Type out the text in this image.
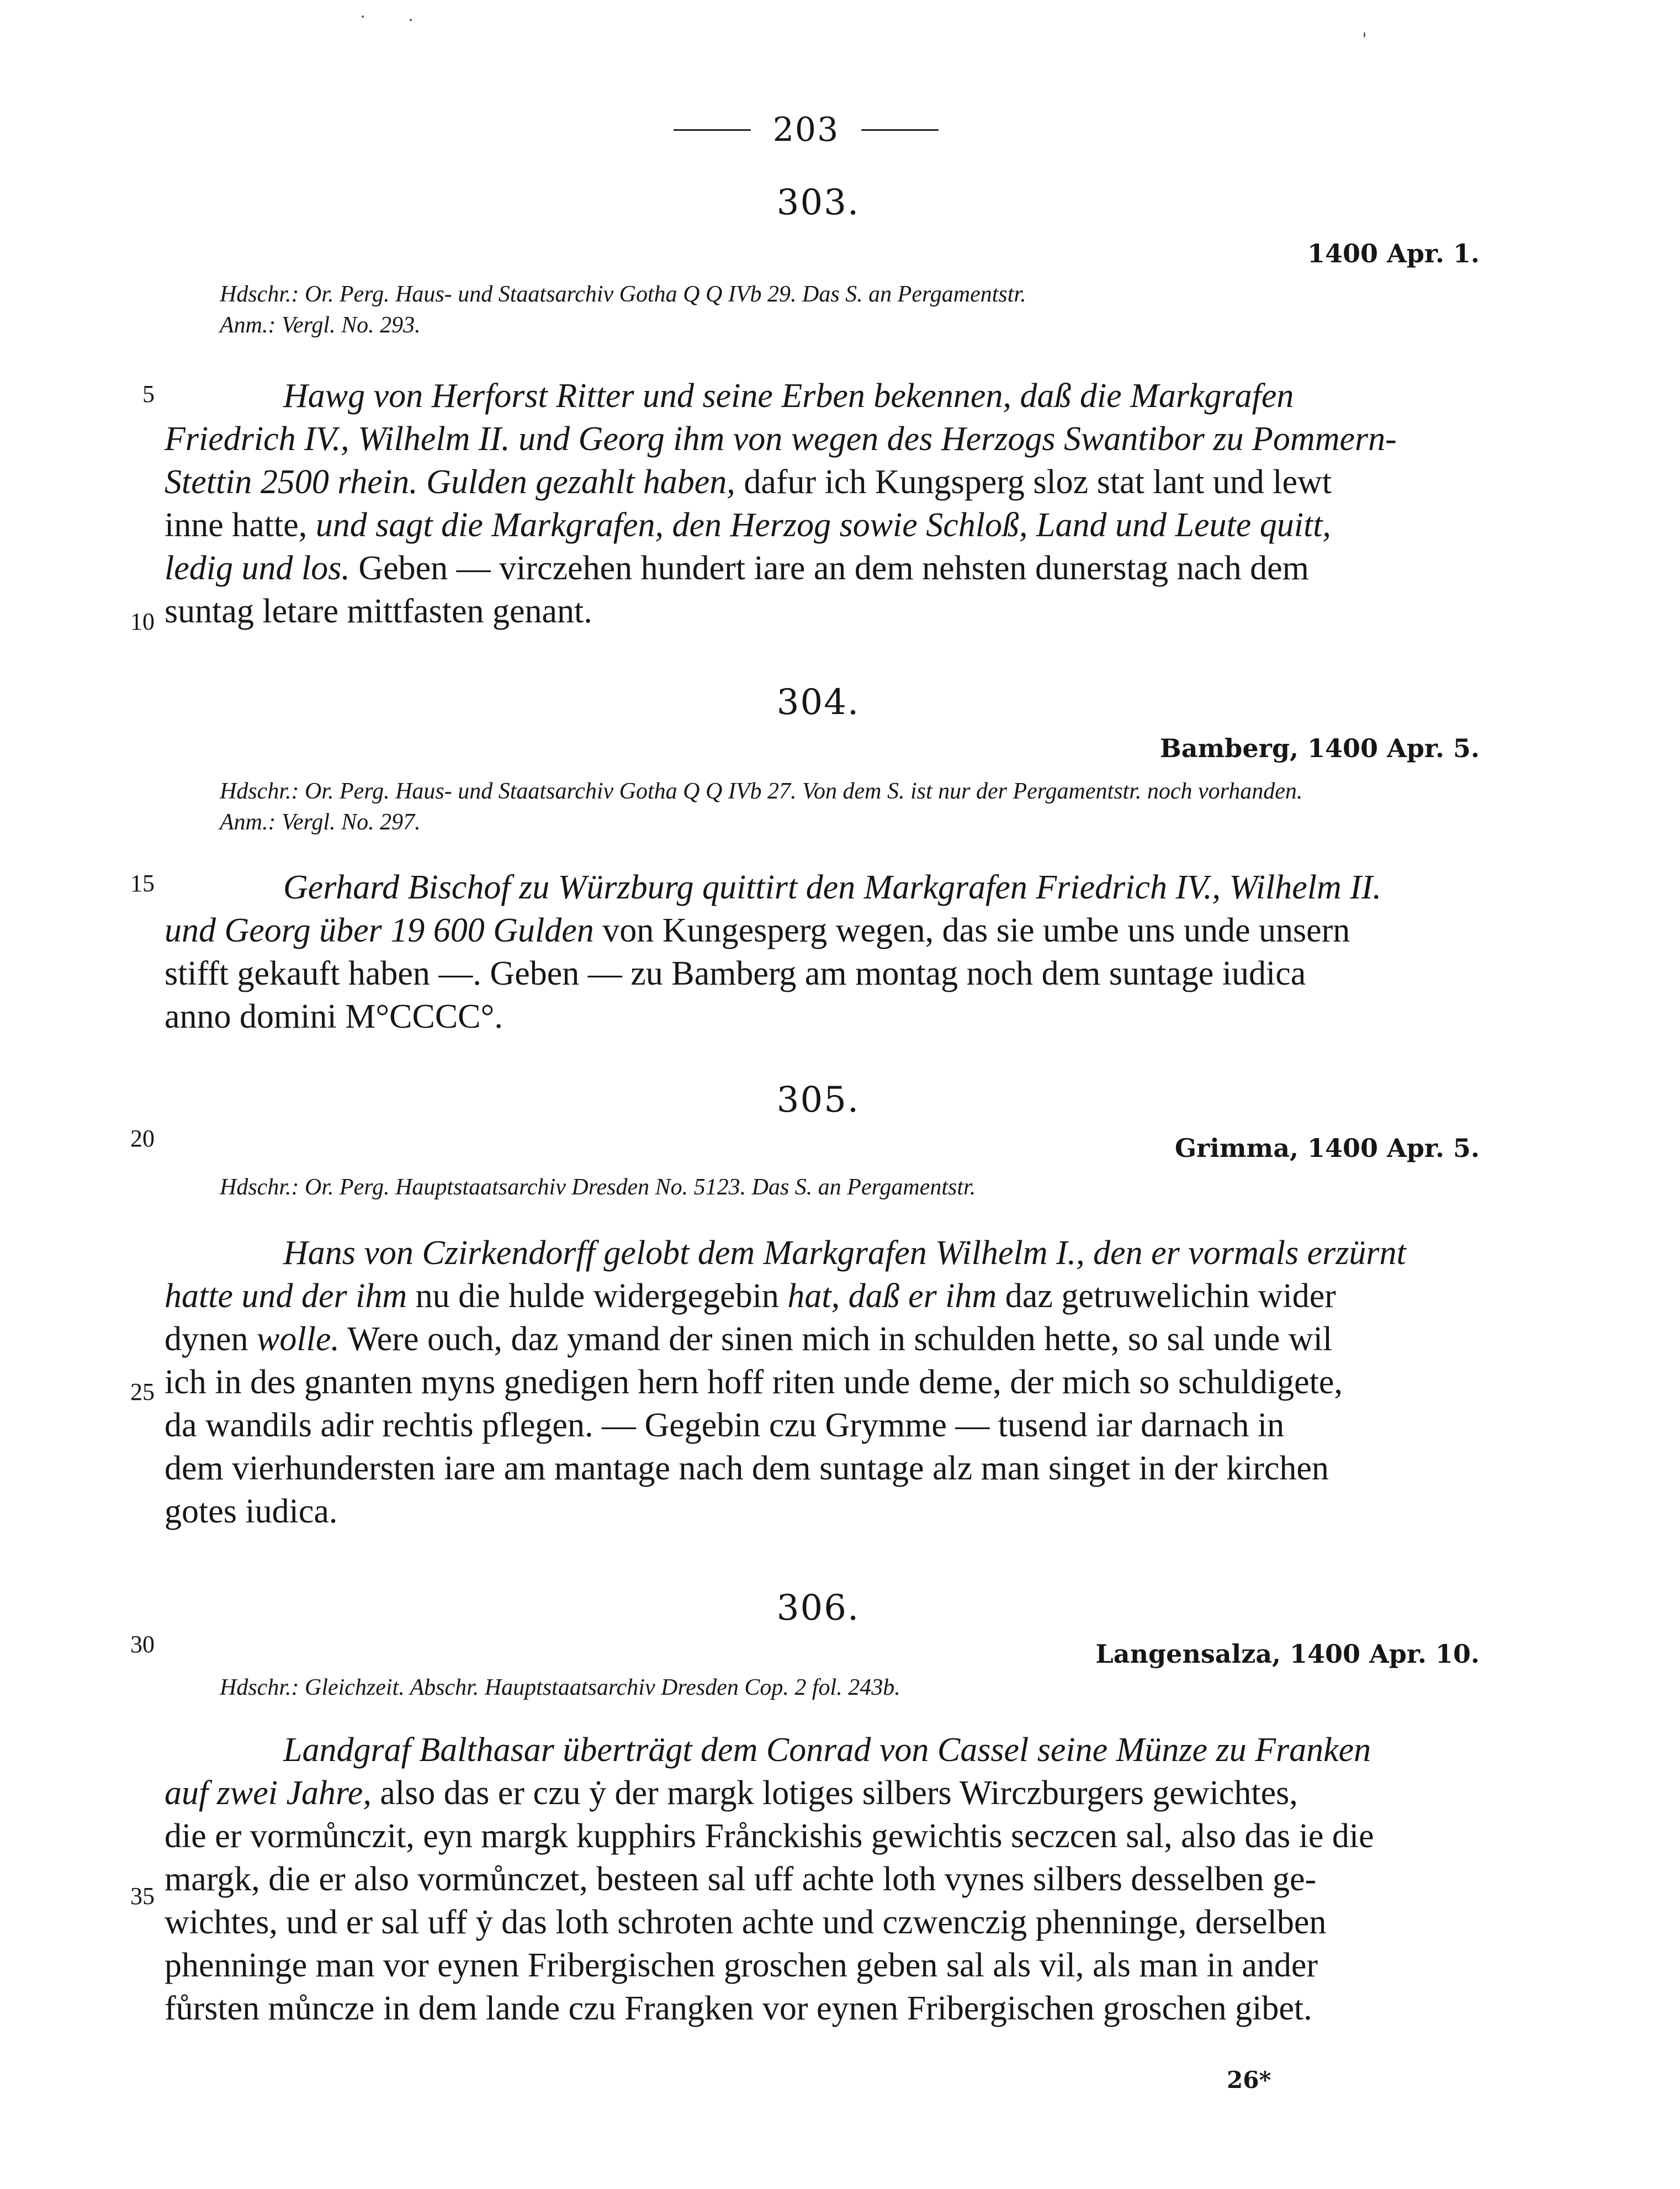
203
303.
1400 Apr. 1.
Hdschr.: Or. Perg. Haus- und Staatsarchiv Gotha Q Q IVb 29. Das S. an Pergamentstr.
Anm.: Vergl. No. 293.
Hawg von Herforst Ritter und seine Erben bekennen, daß die Markgrafen
Friedrich IV., Wilhelm II. und Georg ihm von wegen des Herzogs Swantibor zu Pommern-
Stettin 2500 rhein. Gulden gezahlt haben, dafur ich Kungsperg sloz stat lant und lewt
inne hatte, und sagt die Markgrafen, den Herzog sowie Schloß, Land und Leute quitt,
ledig und los. Geben — virczehen hundert iare an dem nehsten dunerstag nach dem
suntag letare mittfasten genant.
304.
Bamberg, 1400 Apr. 5.
Hdschr.: Or. Perg. Haus- und Staatsarchiv Gotha Q Q IVb 27. Von dem S. ist nur der Pergamentstr. noch vorhanden.
Anm.: Vergl. No. 297.
Gerhard Bischof zu Würzburg quittirt den Markgrafen Friedrich IV., Wilhelm II.
und Georg über 19 600 Gulden von Kungesperg wegen, das sie umbe uns unde unsern
stifft gekauft haben —. Geben — zu Bamberg am montag noch dem suntage iudica
anno domini M°CCCC°.
305.
Grimma, 1400 Apr. 5.
Hdschr.: Or. Perg. Hauptstaatsarchiv Dresden No. 5123. Das S. an Pergamentstr.
Hans von Czirkendorff gelobt dem Markgrafen Wilhelm I., den er vormals erzürnt
hatte und der ihm nu die hulde widergegebin hat, daß er ihm daz getruwelichin wider
dynen wolle. Were ouch, daz ymand der sinen mich in schulden hette, so sal unde wil
ich in des gnanten myns gnedigen hern hoff riten unde deme, der mich so schuldigete,
da wandils adir rechtis pflegen. — Gegebin czu Grymme — tusend iar darnach in
dem vierhundersten iare am mantage nach dem suntage alz man singet in der kirchen
gotes iudica.
306.
Langensalza, 1400 Apr. 10.
Hdschr.: Gleichzeit. Abschr. Hauptstaatsarchiv Dresden Cop. 2 fol. 243b.
Landgraf Balthasar überträgt dem Conrad von Cassel seine Münze zu Franken
auf zwei Jahre, also das er czu ẏ der margk lotiges silbers Wirczburgers gewichtes,
die er vormůnczit, eyn margk kupphirs Frånckishis gewichtis seczcen sal, also das ie die
margk, die er also vormůnczet, besteen sal uff achte loth vynes silbers desselben ge-
wichtes, und er sal uff ẏ das loth schroten achte und czwenczig phenninge, derselben
phenninge man vor eynen Fribergischen groschen geben sal als vil, als man in ander
fůrsten můncze in dem lande czu Frangken vor eynen Fribergischen groschen gibet.
5
10
15
20
25
30
35
26*
